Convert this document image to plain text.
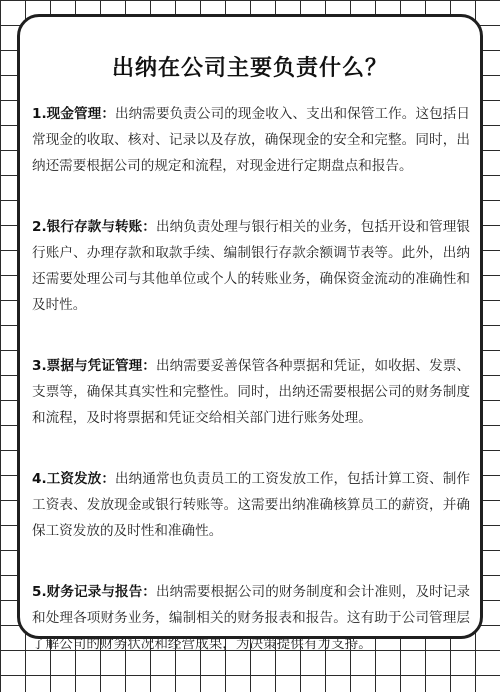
出纳在公司主要负责什么？

1.现金管理：出纳需要负责公司的现金收入、支出和保管工作。这包括日常现金的收取、核对、记录以及存放，确保现金的安全和完整。同时，出纳还需要根据公司的规定和流程，对现金进行定期盘点和报告。

2.银行存款与转账：出纳负责处理与银行相关的业务，包括开设和管理银行账户、办理存款和取款手续、编制银行存款余额调节表等。此外，出纳还需要处理公司与其他单位或个人的转账业务，确保资金流动的准确性和及时性。

3.票据与凭证管理：出纳需要妥善保管各种票据和凭证，如收据、发票、支票等，确保其真实性和完整性。同时，出纳还需要根据公司的财务制度和流程，及时将票据和凭证交给相关部门进行账务处理。

4.工资发放：出纳通常也负责员工的工资发放工作，包括计算工资、制作工资表、发放现金或银行转账等。这需要出纳准确核算员工的薪资，并确保工资发放的及时性和准确性。

5.财务记录与报告：出纳需要根据公司的财务制度和会计准则，及时记录和处理各项财务业务，编制相关的财务报表和报告。这有助于公司管理层了解公司的财务状况和经营成果，为决策提供有力支持。
